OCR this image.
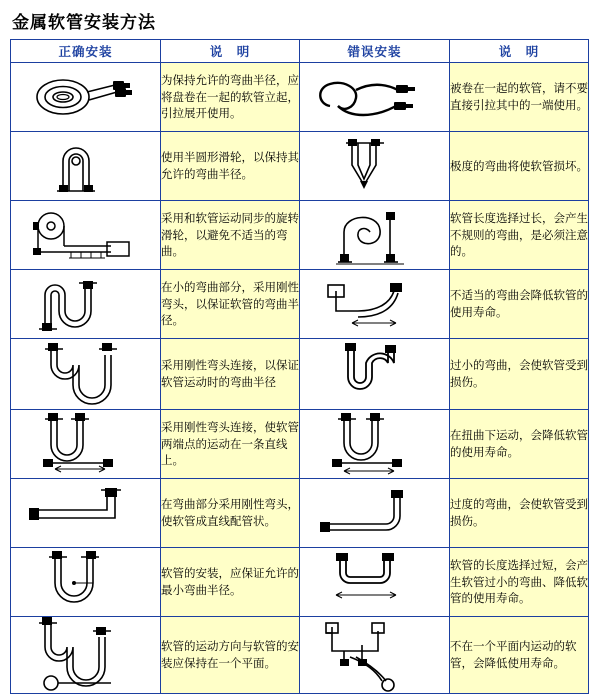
金属软管安装方法
正确安装	说　明	错误安装	说　明

	为保持允许的弯曲半径，应将盘卷在一起的软管立起，引拉展开使用。		被卷在一起的软管，请不要直接引拉其中的一端使用。

	使用半圆形滑轮，以保持其允许的弯曲半径。		极度的弯曲将使软管损坏。

	采用和软管运动同步的旋转滑轮，以避免不适当的弯曲。		软管长度选择过长，会产生不规则的弯曲，是必须注意的。

	在小的弯曲部分，采用刚性弯头，以保证软管的弯曲半径。		不适当的弯曲会降低软管的使用寿命。

	采用刚性弯头连接，以保证软管运动时的弯曲半径		过小的弯曲，会使软管受到损伤。

	采用刚性弯头连接，使软管两端点的运动在一条直线上。		在扭曲下运动，会降低软管的使用寿命。

	在弯曲部分采用刚性弯头，使软管成直线配管状。		过度的弯曲，会使软管受到损伤。

	软管的安装，应保证允许的最小弯曲半径。		软管的长度选择过短，会产生软管过小的弯曲、降低软管的使用寿命。

	软管的运动方向与软管的安装应保持在一个平面。		不在一个平面内运动的软管，会降低使用寿命。
